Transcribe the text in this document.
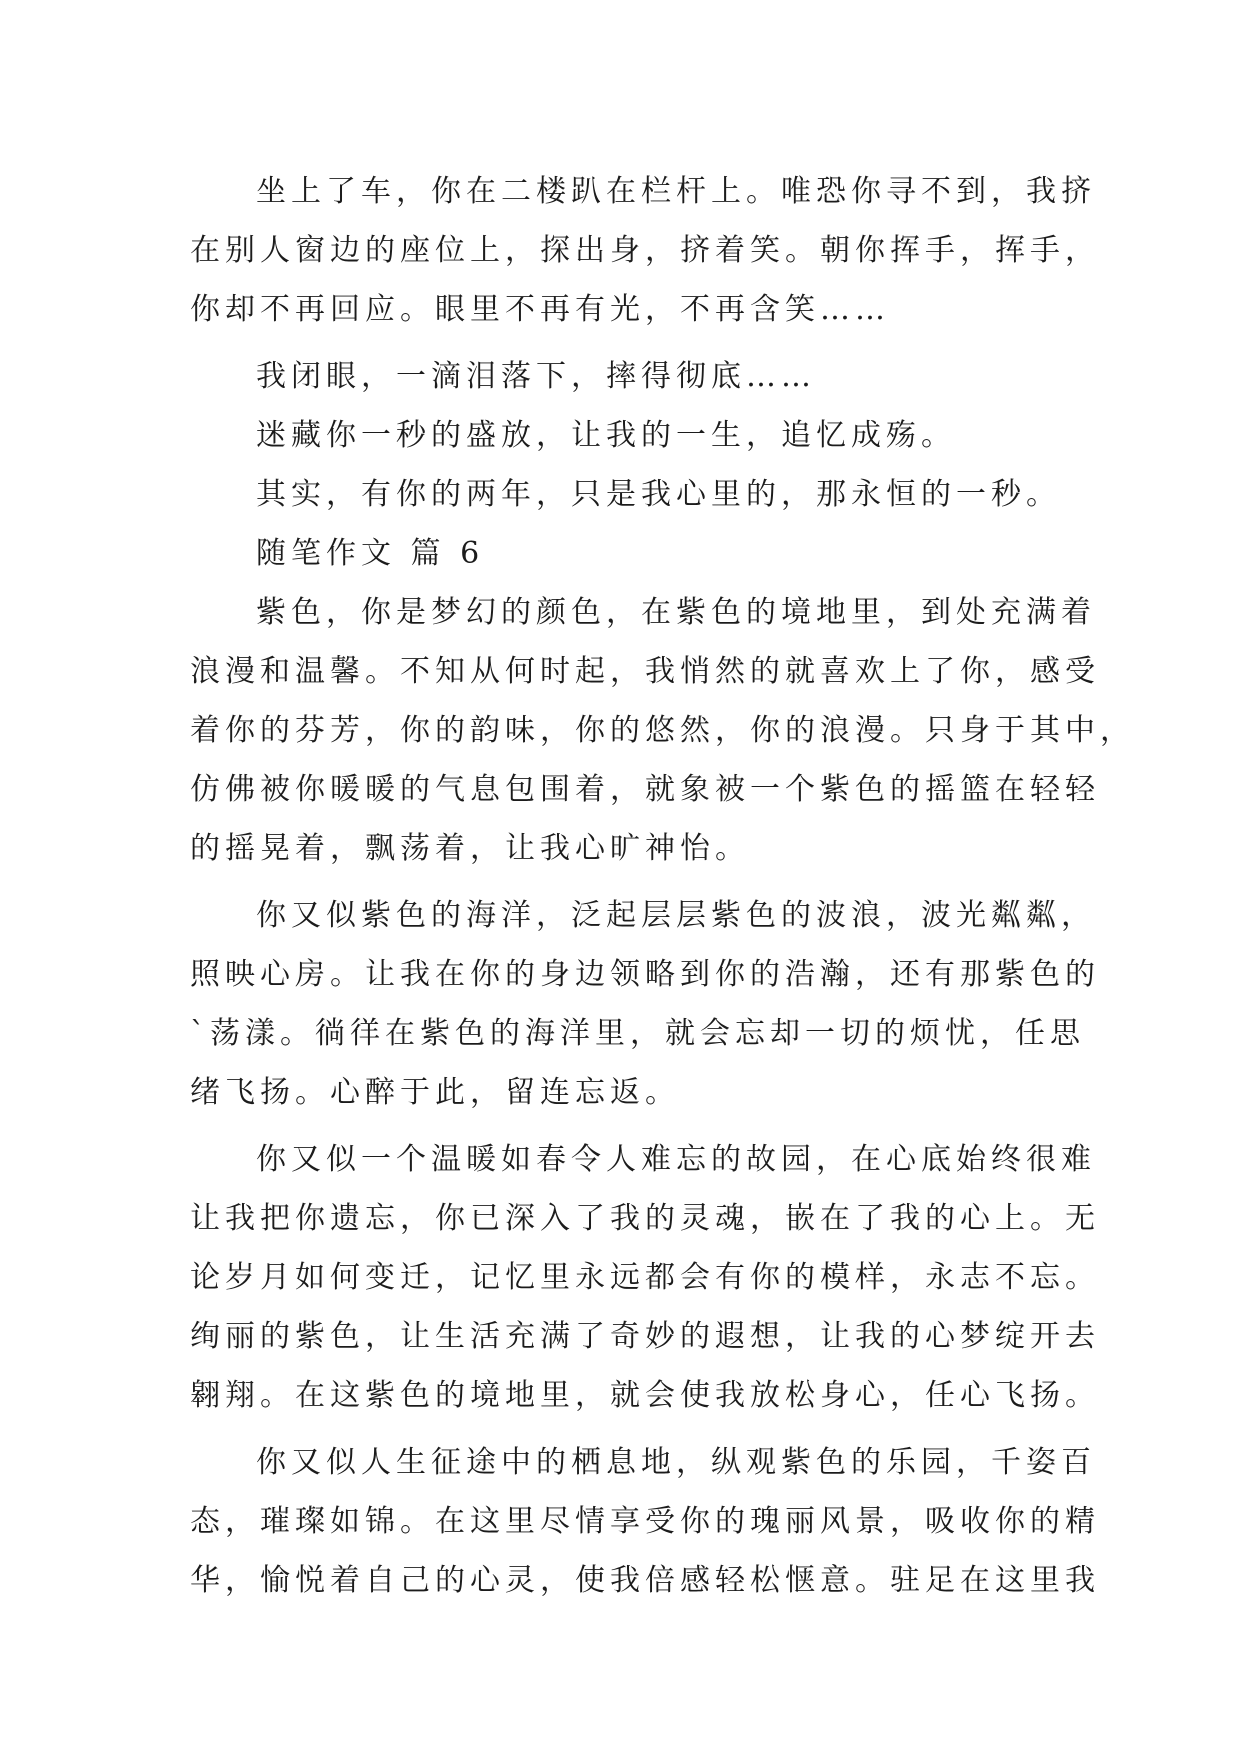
坐上了车，你在二楼趴在栏杆上。唯恐你寻不到，我挤
在别人窗边的座位上，探出身，挤着笑。朝你挥手，挥手，
你却不再回应。眼里不再有光，不再含笑……
我闭眼，一滴泪落下，摔得彻底……
迷藏你一秒的盛放，让我的一生，追忆成殇。
其实，有你的两年，只是我心里的，那永恒的一秒。
随笔作文 篇 6
紫色，你是梦幻的颜色，在紫色的境地里，到处充满着
浪漫和温馨。不知从何时起，我悄然的就喜欢上了你，感受
着你的芬芳，你的韵味，你的悠然，你的浪漫。只身于其中，
仿佛被你暖暖的气息包围着，就象被一个紫色的摇篮在轻轻
的摇晃着，飘荡着，让我心旷神怡。
你又似紫色的海洋，泛起层层紫色的波浪，波光粼粼，
照映心房。让我在你的身边领略到你的浩瀚，还有那紫色的
`荡漾。徜徉在紫色的海洋里，就会忘却一切的烦忧，任思
绪飞扬。心醉于此，留连忘返。
你又似一个温暖如春令人难忘的故园，在心底始终很难
让我把你遗忘，你已深入了我的灵魂，嵌在了我的心上。无
论岁月如何变迁，记忆里永远都会有你的模样，永志不忘。
绚丽的紫色，让生活充满了奇妙的遐想，让我的心梦绽开去
翱翔。在这紫色的境地里，就会使我放松身心，任心飞扬。
你又似人生征途中的栖息地，纵观紫色的乐园，千姿百
态，璀璨如锦。在这里尽情享受你的瑰丽风景，吸收你的精
华，愉悦着自己的心灵，使我倍感轻松惬意。驻足在这里我
